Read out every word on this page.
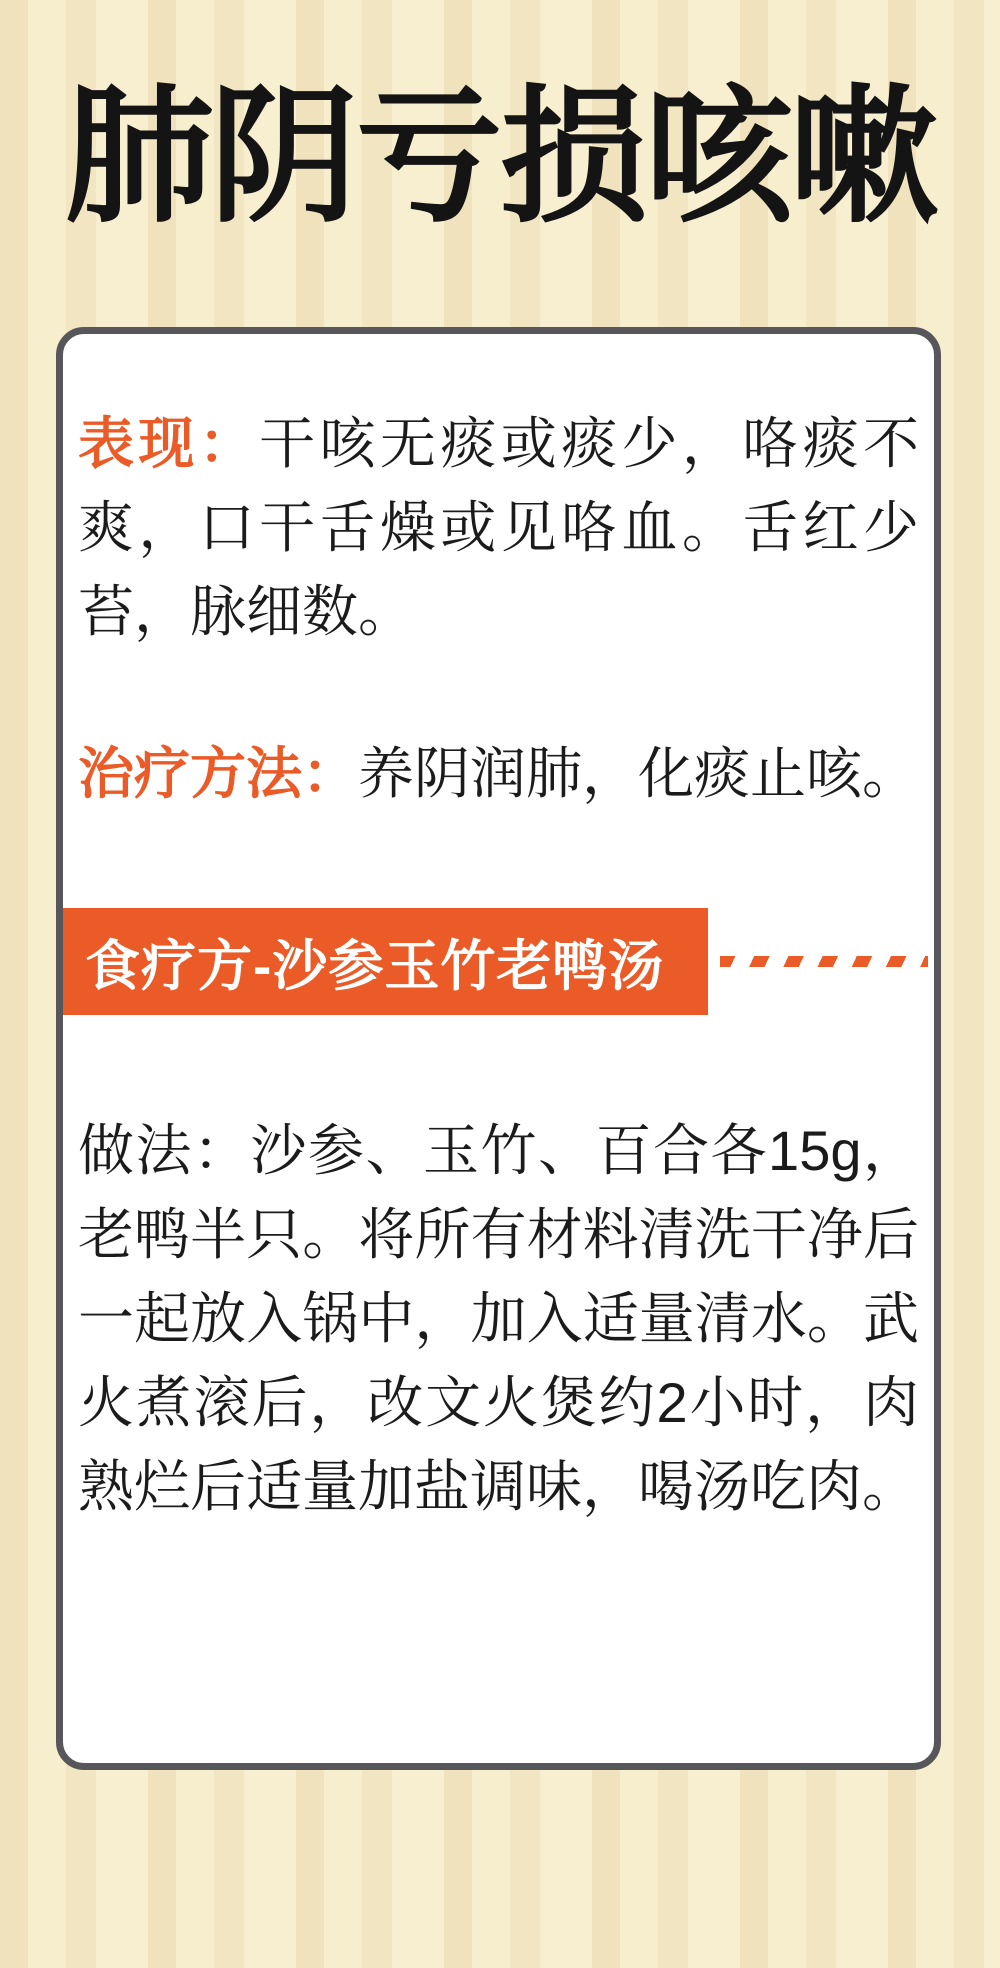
肺阴亏损咳嗽

表现：干咳无痰或痰少，咯痰不爽，口干舌燥或见咯血。舌红少苔，脉细数。

治疗方法：养阴润肺，化痰止咳。

食疗方-沙参玉竹老鸭汤

做法：沙参、玉竹、百合各15g，老鸭半只。将所有材料清洗干净后一起放入锅中，加入适量清水。武火煮滚后，改文火煲约2小时，肉熟烂后适量加盐调味，喝汤吃肉。
